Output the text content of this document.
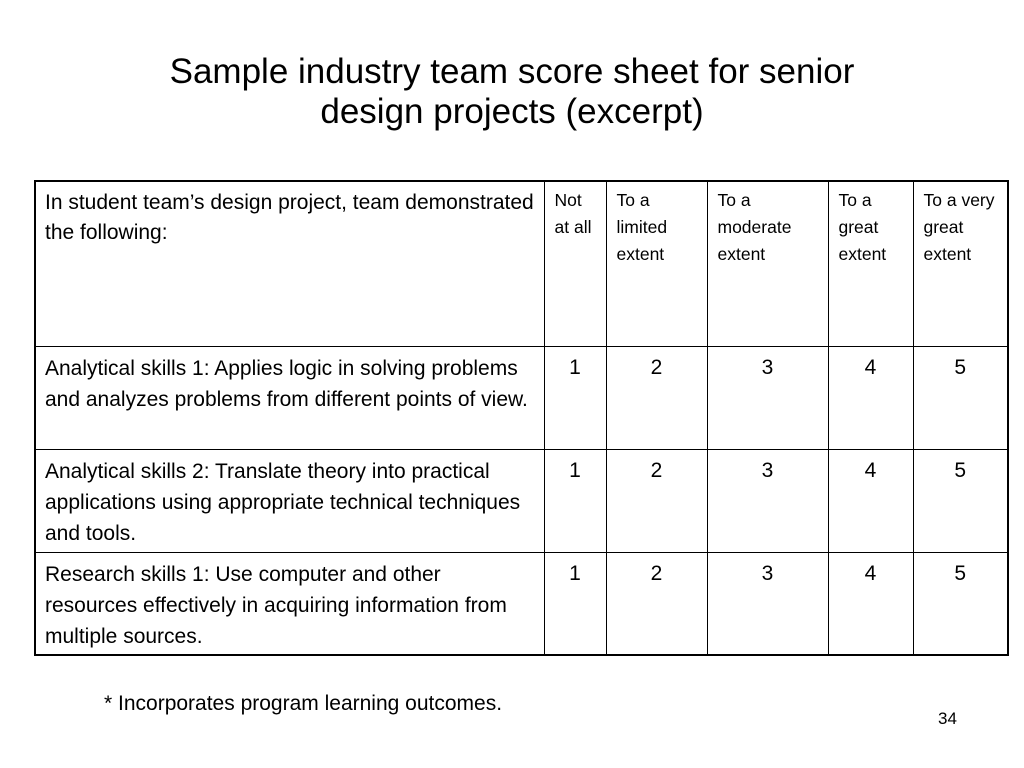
Sample industry team score sheet for senior
design projects (excerpt)
In student team’s design project, team demonstrated the following:	Not at all	To a limited extent	To a moderate extent	To a great extent	To a very great extent
Analytical skills 1: Applies logic in solving problems and analyzes problems from different points of view.	1	2	3	4	5
Analytical skills 2: Translate theory into practical applications using appropriate technical techniques and tools.	1	2	3	4	5
Research skills 1: Use computer and other resources effectively in acquiring information from multiple sources.	1	2	3	4	5
* Incorporates program learning outcomes.
34
